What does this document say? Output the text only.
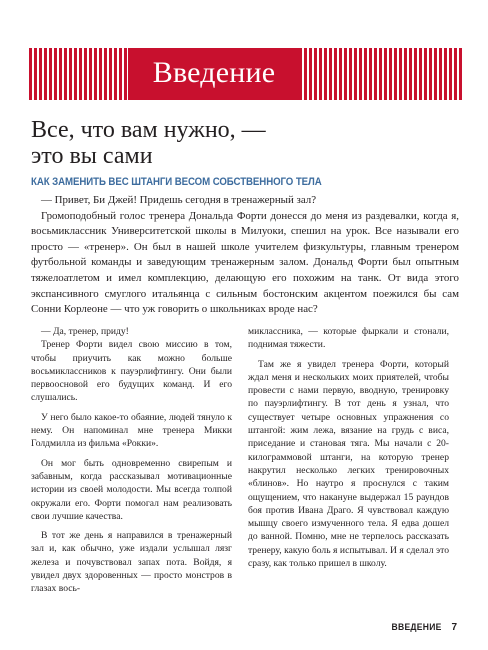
Введение
Все, что вам нужно, —
это вы сами
КАК ЗАМЕНИТЬ ВЕС ШТАНГИ ВЕСОМ СОБСТВЕННОГО ТЕЛА

— Привет, Би Джей! Придешь сегодня в тренажерный зал?

Громоподобный голос тренера Дональда Форти донесся до меня из раздевалки, когда я, восьмиклассник Университетской школы в Милуоки, спешил на урок. Все называли его просто — «тренер». Он был в нашей школе учителем физкультуры, главным тренером футбольной команды и заведующим тренажерным залом. Дональд Форти был опытным тяжелоатлетом и имел комплекцию, делающую его похожим на танк. От вида этого экспансивного смуглого итальянца с сильным бостонским акцентом поежился бы сам Сонни Корлеоне — что уж говорить о школьниках вроде нас?

— Да, тренер, приду!

Тренер Форти видел свою миссию в том, чтобы приучить как можно больше восьмиклассников к пауэрлифтингу. Они были первоосновой его будущих команд. И его слушались.

У него было какое-то обаяние, людей тянуло к нему. Он напоминал мне тренера Микки Голдмилла из фильма «Рокки».

Он мог быть одновременно свирепым и забавным, когда рассказывал мотивационные истории из своей молодости. Мы всегда толпой окружали его. Форти помогал нам реализовать свои лучшие качества.

В тот же день я направился в тренажерный зал и, как обычно, уже издали услышал лязг железа и почувствовал запах пота. Войдя, я увидел двух здоровенных — просто монстров в глазах вось-

миклассника, — которые фыркали и стонали, поднимая тяжести.

Там же я увидел тренера Форти, который ждал меня и нескольких моих приятелей, чтобы провести с нами первую, вводную, тренировку по пауэрлифтингу. В тот день я узнал, что существует четыре основных упражнения со штангой: жим лежа, вязание на грудь с виса, приседание и становая тяга. Мы начали с 20-килограммовой штанги, на которую тренер накрутил несколько легких тренировочных «блинов». Но наутро я проснулся с таким ощущением, что накануне выдержал 15 раундов боя против Ивана Драго. Я чувствовал каждую мышцу своего измученного тела. Я едва дошел до ванной. Помню, мне не терпелось рассказать тренеру, какую боль я испытывал. И я сделал это сразу, как только пришел в школу.

ВВЕДЕНИЕ 7
